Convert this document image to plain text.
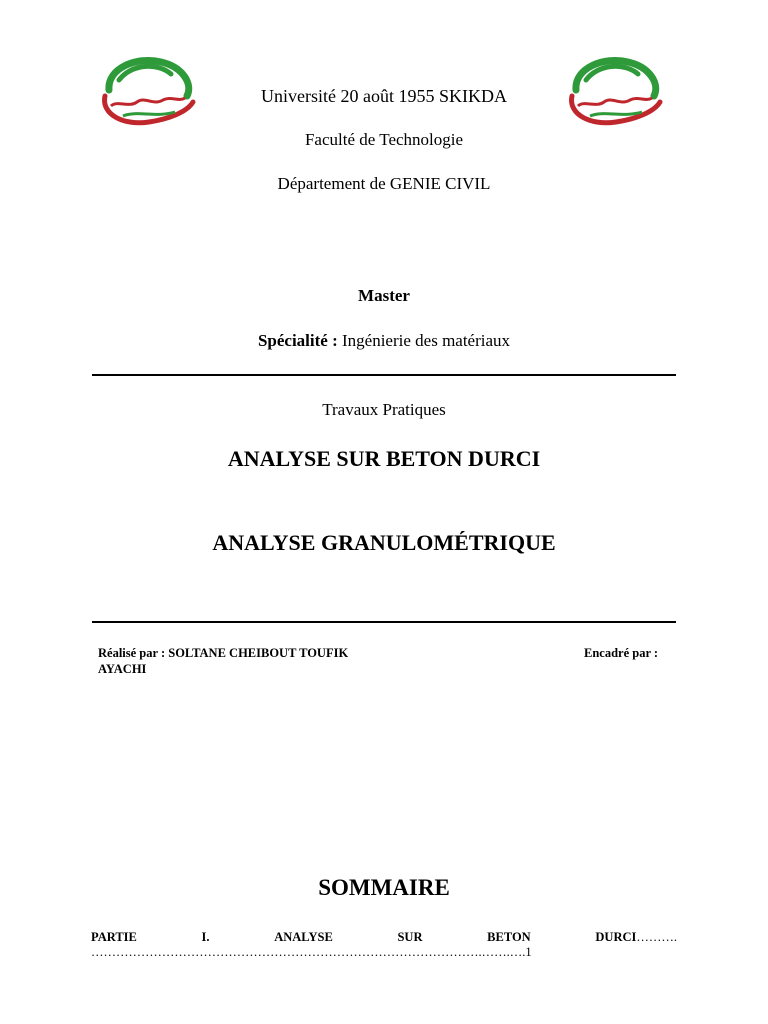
Université 20 août 1955 SKIKDA
Faculté de Technologie
Département de GENIE CIVIL
Master
Spécialité : Ingénierie des matériaux
Travaux Pratiques
ANALYSE SUR BETON DURCI
ANALYSE GRANULOMÉTRIQUE
Réalisé par : SOLTANE CHEIBOUT TOUFIK
AYACHI
Encadré par :
SOMMAIRE
PARTIE	I.	ANALYSE	SUR	BETON	DURCI……….
………………………………………………………………………………….…….….1
